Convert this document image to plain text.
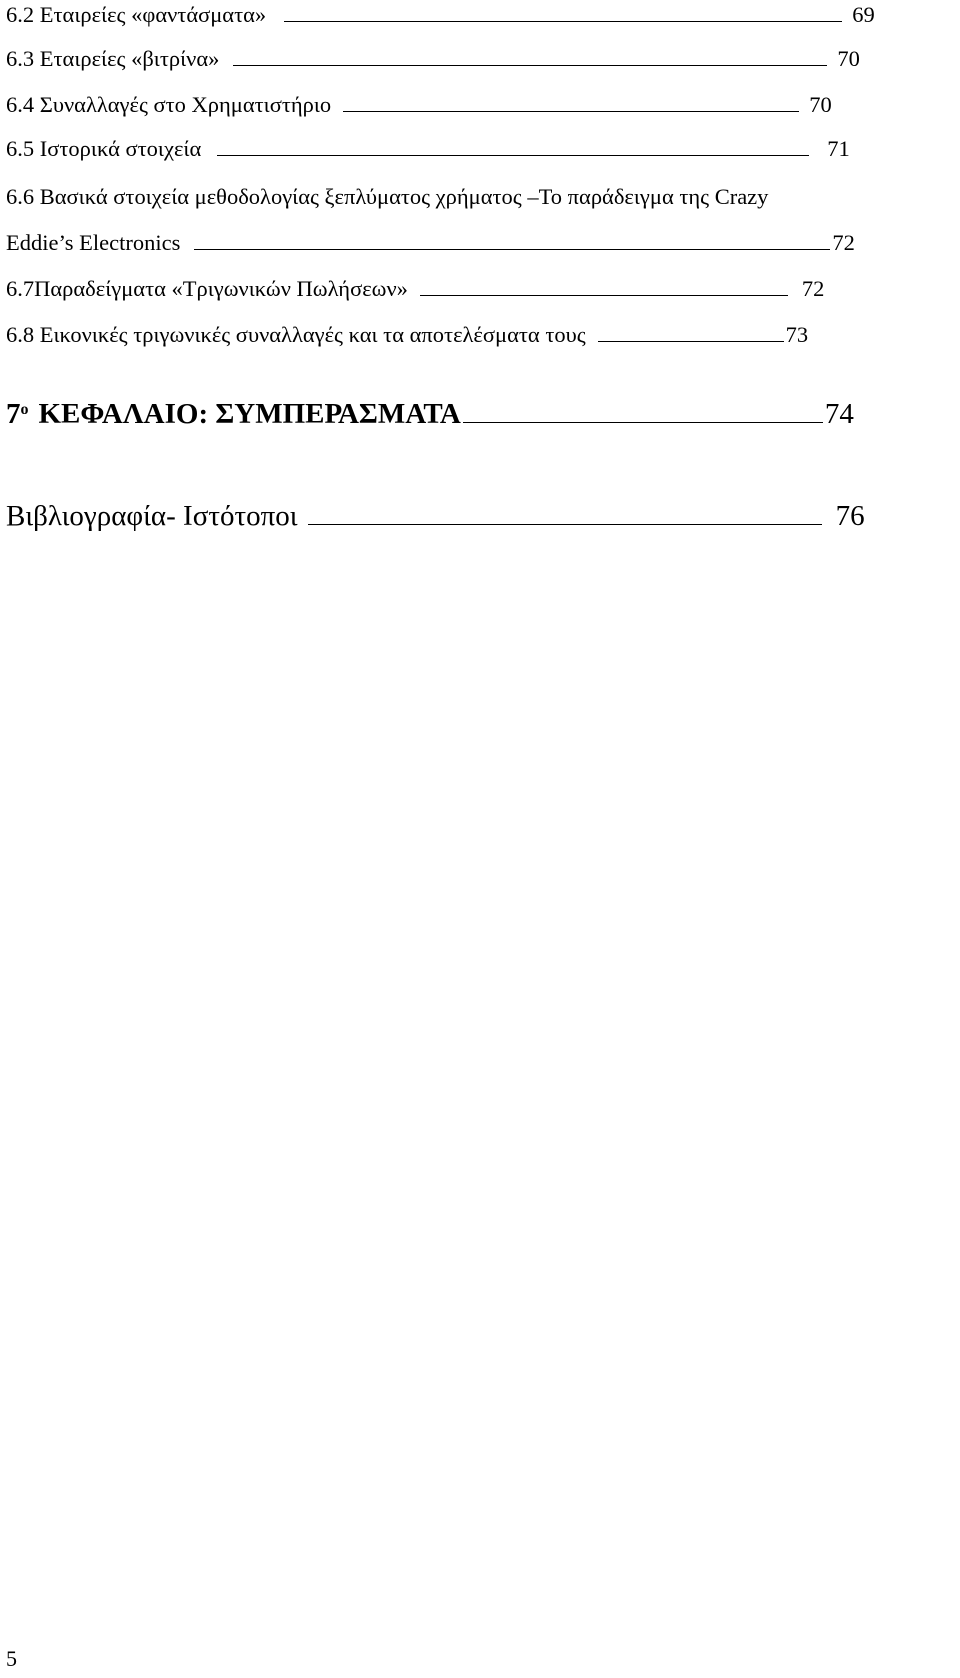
6.2 Εταιρείες «φαντάσματα»	69
6.3 Εταιρείες «βιτρίνα»	70
6.4 Συναλλαγές στο Χρηματιστήριο	70
6.5 Ιστορικά στοιχεία	71
6.6 Βασικά στοιχεία μεθοδολογίας ξεπλύματος χρήματος –Το παράδειγμα της Crazy
Eddie’s Electronics	72
6.7Παραδείγματα «Τριγωνικών Πωλήσεων»	72
6.8 Εικονικές τριγωνικές συναλλαγές και τα αποτελέσματα τους	73
$7^o$ ΚΕΦΑΛΑΙΟ: ΣΥΜΠΕΡΑΣΜΑΤΑ	74
Βιβλιογραφία- Ιστότοποι	76
5
